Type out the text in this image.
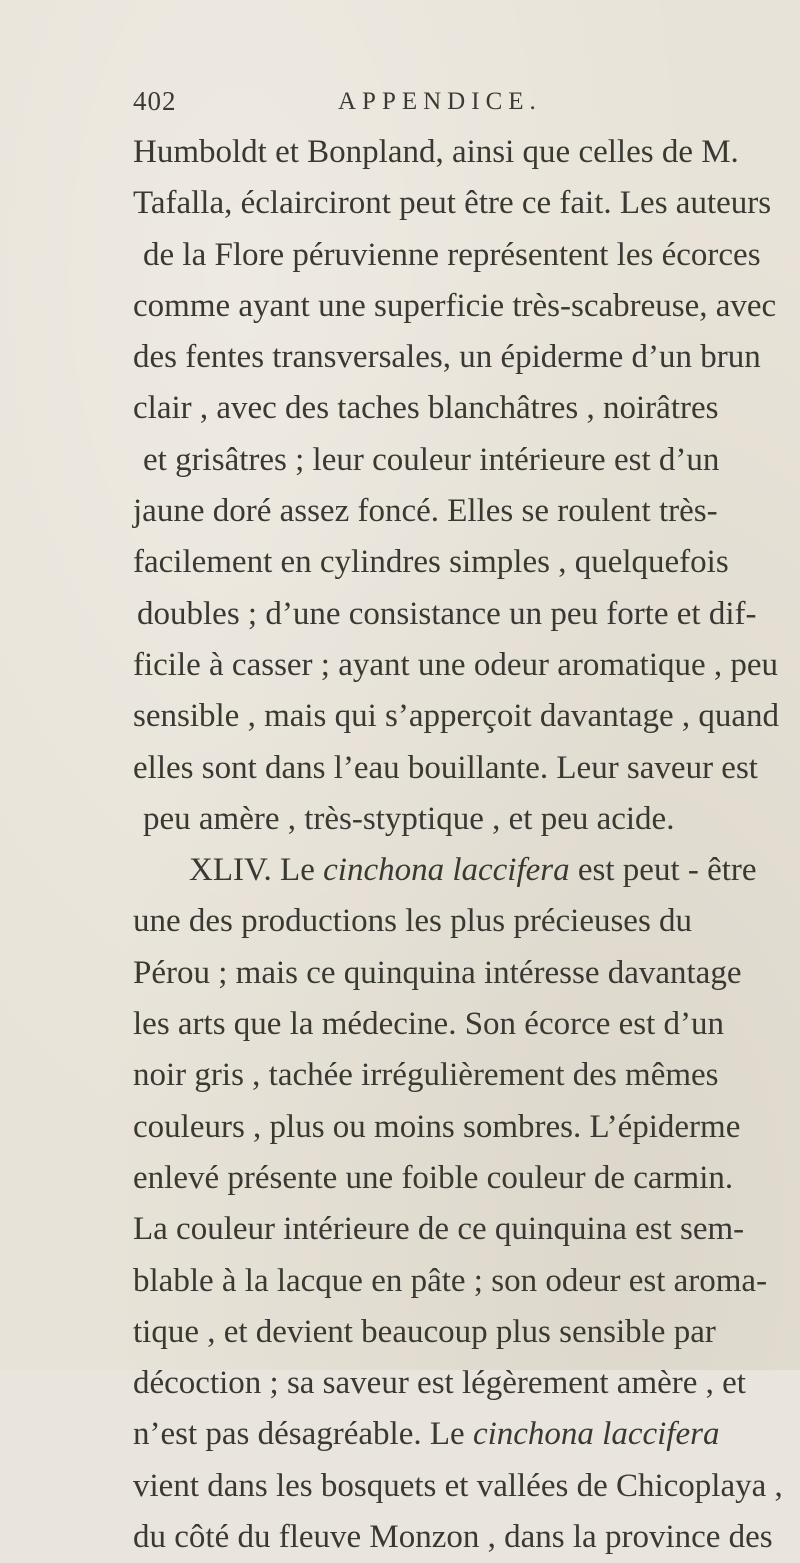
402	APPENDICE.
Humboldt et Bonpland, ainsi que celles de M.
Tafalla, éclairciront peut être ce fait. Les auteurs
de la Flore péruvienne représentent les écorces
comme ayant une superficie très-scabreuse, avec
des fentes transversales, un épiderme d’un brun
clair , avec des taches blanchâtres , noirâtres
et grisâtres ; leur couleur intérieure est d’un
jaune doré assez foncé. Elles se roulent très-
facilement en cylindres simples , quelquefois
doubles ; d’une consistance un peu forte et dif-
ficile à casser ; ayant une odeur aromatique , peu
sensible , mais qui s’apperçoit davantage , quand
elles sont dans l’eau bouillante. Leur saveur est
peu amère , très-styptique , et peu acide.
XLIV. Le cinchona laccifera est peut - être
une des productions les plus précieuses du
Pérou ; mais ce quinquina intéresse davantage
les arts que la médecine. Son écorce est d’un
noir gris , tachée irrégulièrement des mêmes
couleurs , plus ou moins sombres. L’épiderme
enlevé présente une foible couleur de carmin.
La couleur intérieure de ce quinquina est sem-
blable à la lacque en pâte ; son odeur est aroma-
tique , et devient beaucoup plus sensible par
décoction ; sa saveur est légèrement amère , et
n’est pas désagréable. Le cinchona laccifera
vient dans les bosquets et vallées de Chicoplaya ,
du côté du fleuve Monzon , dans la province des
